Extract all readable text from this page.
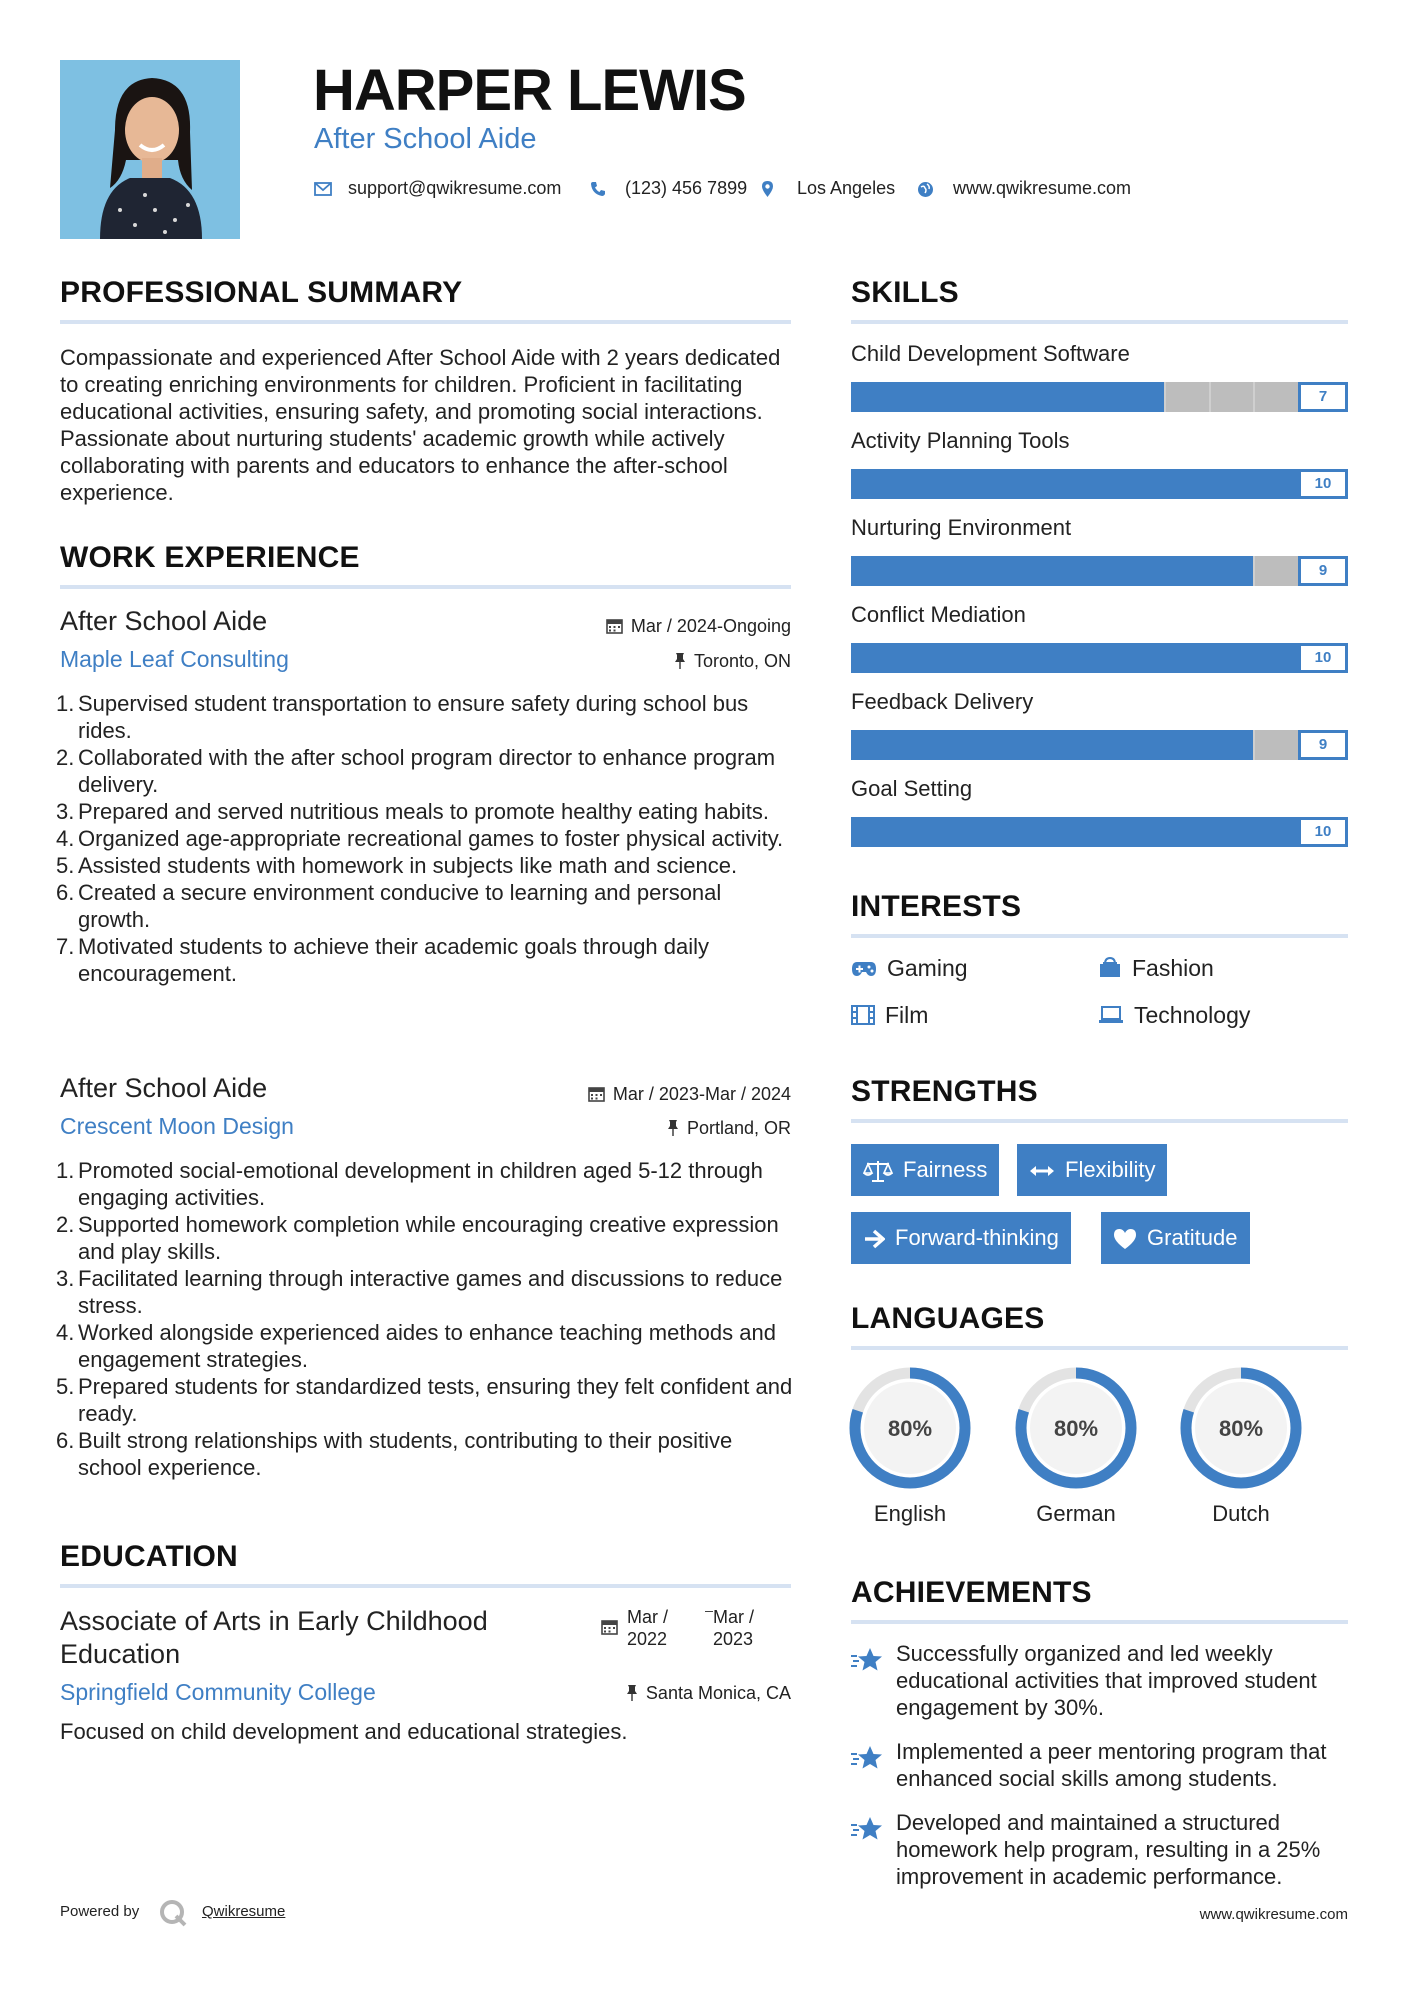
HARPER LEWIS
After School Aide
support@qwikresume.com	(123) 456 7899	Los Angeles	www.qwikresume.com
PROFESSIONAL SUMMARY
Compassionate and experienced After School Aide with 2 years dedicated to creating enriching environments for children. Proficient in facilitating educational activities, ensuring safety, and promoting social interactions. Passionate about nurturing students' academic growth while actively collaborating with parents and educators to enhance the after-school experience.
WORK EXPERIENCE
After School Aide	Mar / 2024-Ongoing
Maple Leaf Consulting	Toronto, ON
1. Supervised student transportation to ensure safety during school bus rides.
2. Collaborated with the after school program director to enhance program delivery.
3. Prepared and served nutritious meals to promote healthy eating habits.
4. Organized age-appropriate recreational games to foster physical activity.
5. Assisted students with homework in subjects like math and science.
6. Created a secure environment conducive to learning and personal growth.
7. Motivated students to achieve their academic goals through daily encouragement.
After School Aide	Mar / 2023-Mar / 2024
Crescent Moon Design	Portland, OR
1. Promoted social-emotional development in children aged 5-12 through engaging activities.
2. Supported homework completion while encouraging creative expression and play skills.
3. Facilitated learning through interactive games and discussions to reduce stress.
4. Worked alongside experienced aides to enhance teaching methods and engagement strategies.
5. Prepared students for standardized tests, ensuring they felt confident and ready.
6. Built strong relationships with students, contributing to their positive school experience.
EDUCATION
Associate of Arts in Early Childhood Education
Mar / 2022
Mar / 2023
Springfield Community College	Santa Monica, CA
Focused on child development and educational strategies.
Powered by	Qwikresume
SKILLS
Child Development Software
7
Activity Planning Tools
10
Nurturing Environment
9
Conflict Mediation
10
Feedback Delivery
9
Goal Setting
10
INTERESTS
Gaming	Fashion
Film	Technology
STRENGTHS
Fairness	Flexibility
Forward-thinking	Gratitude
LANGUAGES
80%
English
80%
German
80%
Dutch
ACHIEVEMENTS
Successfully organized and led weekly educational activities that improved student engagement by 30%.
Implemented a peer mentoring program that enhanced social skills among students.
Developed and maintained a structured homework help program, resulting in a 25% improvement in academic performance.
www.qwikresume.com
